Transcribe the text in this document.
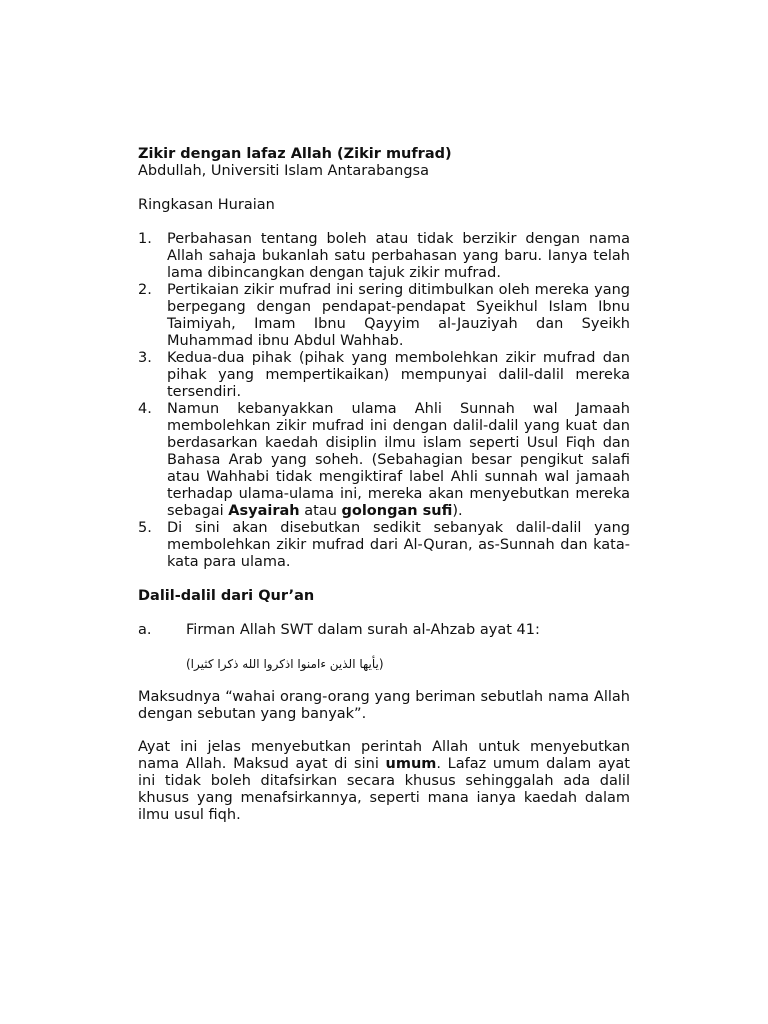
Zikir dengan lafaz Allah (Zikir mufrad)

Abdullah, Universiti Islam Antarabangsa

Ringkasan Huraian

1. Perbahasan tentang boleh atau tidak berzikir dengan nama Allah sahaja bukanlah satu perbahasan yang baru. Ianya telah lama dibincangkan dengan tajuk zikir mufrad.
2. Pertikaian zikir mufrad ini sering ditimbulkan oleh mereka yang berpegang dengan pendapat-pendapat Syeikhul Islam Ibnu Taimiyah, Imam Ibnu Qayyim al-Jauziyah dan Syeikh Muhammad ibnu Abdul Wahhab.
3. Kedua-dua pihak (pihak yang membolehkan zikir mufrad dan pihak yang mempertikaikan) mempunyai dalil-dalil mereka tersendiri.
4. Namun kebanyakkan ulama Ahli Sunnah wal Jamaah membolehkan zikir mufrad ini dengan dalil-dalil yang kuat dan berdasarkan kaedah disiplin ilmu islam seperti Usul Fiqh dan Bahasa Arab yang soheh. (Sebahagian besar pengikut salafi atau Wahhabi tidak mengiktiraf label Ahli sunnah wal jamaah terhadap ulama-ulama ini, mereka akan menyebutkan mereka sebagai Asyairah atau golongan sufi).
5. Di sini akan disebutkan sedikit sebanyak dalil-dalil yang membolehkan zikir mufrad dari Al-Quran, as-Sunnah dan kata-kata para ulama.

Dalil-dalil dari Qur’an

a. Firman Allah SWT dalam surah al-Ahzab ayat 41:

(يأيها الذين ءامنوا اذكروا الله ذكرا كثيرا)

Maksudnya “wahai orang-orang yang beriman sebutlah nama Allah dengan sebutan yang banyak”.

Ayat ini jelas menyebutkan perintah Allah untuk menyebutkan nama Allah. Maksud ayat di sini umum. Lafaz umum dalam ayat ini tidak boleh ditafsirkan secara khusus sehinggalah ada dalil khusus yang menafsirkannya, seperti mana ianya kaedah dalam ilmu usul fiqh.
